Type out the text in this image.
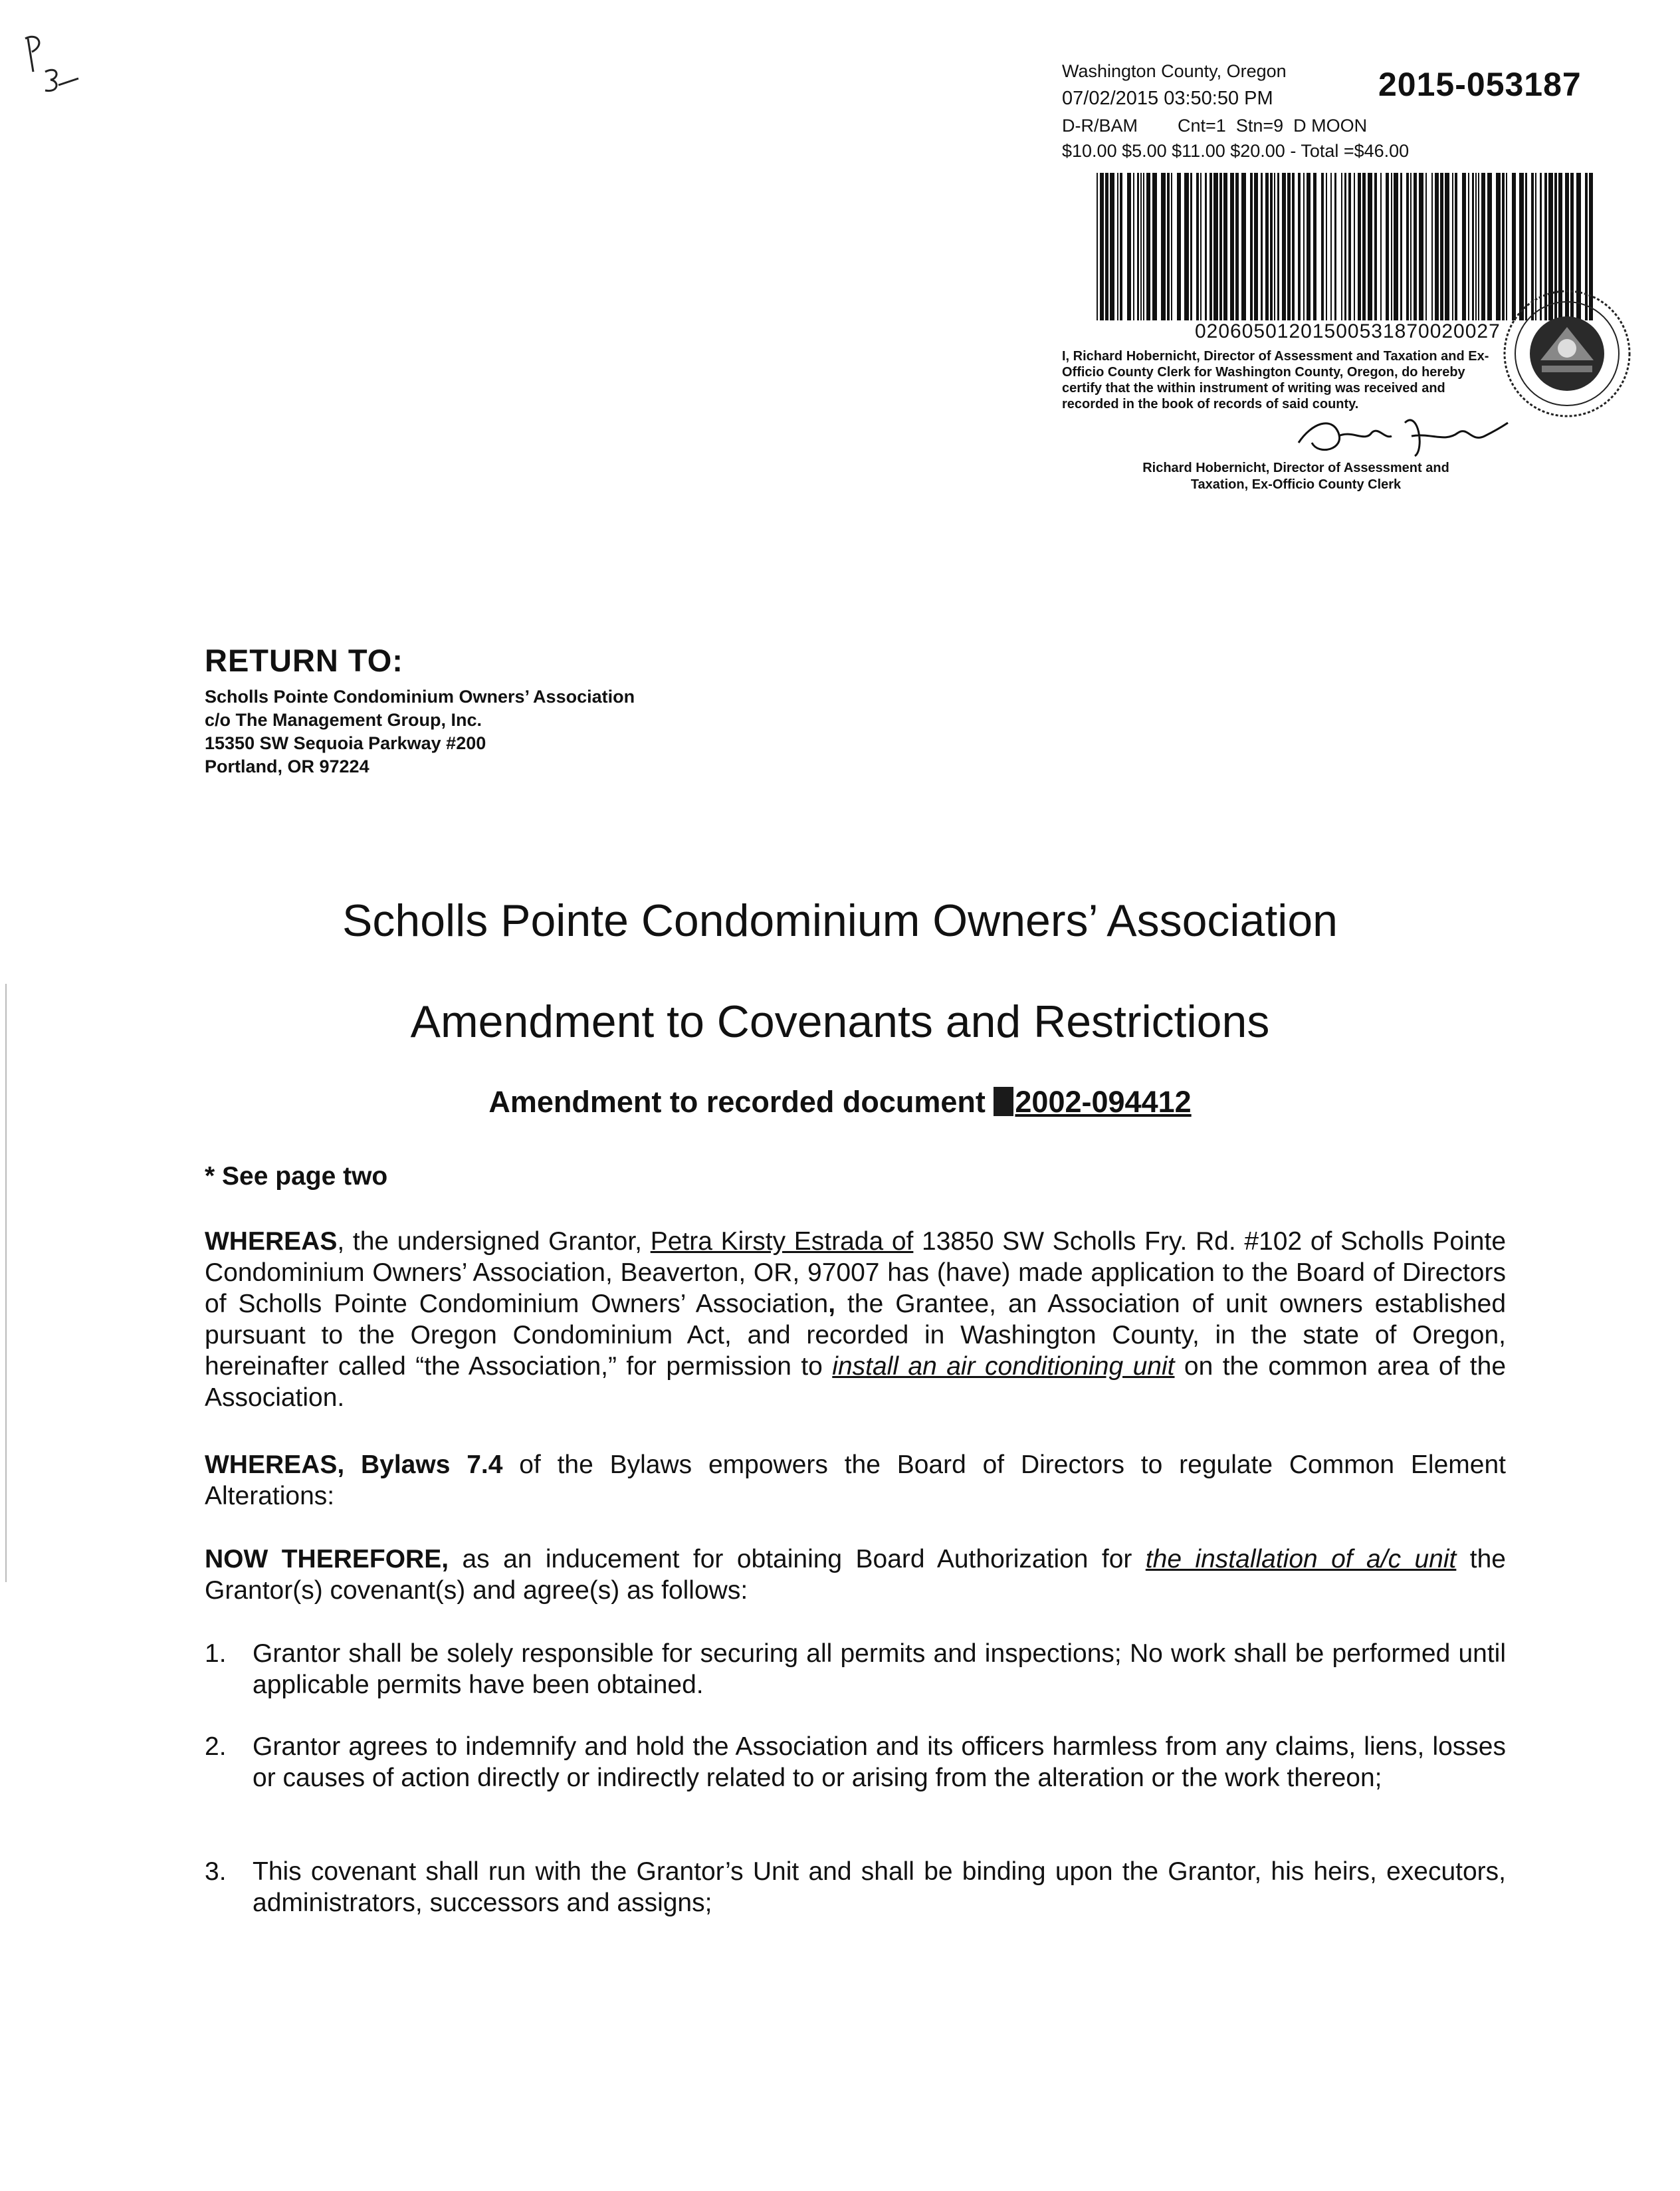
Washington County, Oregon
07/02/2015 03:50:50 PM
D-R/BAM        Cnt=1  Stn=9  D MOON
$10.00 $5.00 $11.00 $20.00 - Total =$46.00
2015-053187
02060501201500531870020027
I, Richard Hobernicht, Director of Assessment and Taxation and Ex-Officio County Clerk for Washington County, Oregon, do hereby certify that the within instrument of writing was received and recorded in the book of records of said county.
Richard Hobernicht, Director of Assessment and
Taxation, Ex-Officio County Clerk
RETURN TO:
Scholls Pointe Condominium Owners’ Association
c/o The Management Group, Inc.
15350 SW Sequoia Parkway #200
Portland, OR 97224
Scholls Pointe Condominium Owners’ Association
Amendment to Covenants and Restrictions
Amendment to recorded document 2002-094412
* See page two
WHEREAS, the undersigned Grantor, Petra Kirsty Estrada of 13850 SW Scholls Fry. Rd. #102 of Scholls Pointe Condominium Owners’ Association, Beaverton, OR, 97007 has (have) made application to the Board of Directors of Scholls Pointe Condominium Owners’ Association, the Grantee, an Association of unit owners established pursuant to the Oregon Condominium Act, and recorded in Washington County, in the state of Oregon, hereinafter called “the Association,” for permission to install an air conditioning unit on the common area of the Association.
WHEREAS, Bylaws 7.4 of the Bylaws empowers the Board of Directors to regulate Common Element Alterations:
NOW THEREFORE, as an inducement for obtaining Board Authorization for the installation of a/c unit the Grantor(s) covenant(s) and agree(s) as follows:
1.	Grantor shall be solely responsible for securing all permits and inspections; No work shall be performed until applicable permits have been obtained.
2.	Grantor agrees to indemnify and hold the Association and its officers harmless from any claims, liens, losses or causes of action directly or indirectly related to or arising from the alteration or the work thereon;
3.	This covenant shall run with the Grantor’s Unit and shall be binding upon the Grantor, his heirs, executors, administrators, successors and assigns;
